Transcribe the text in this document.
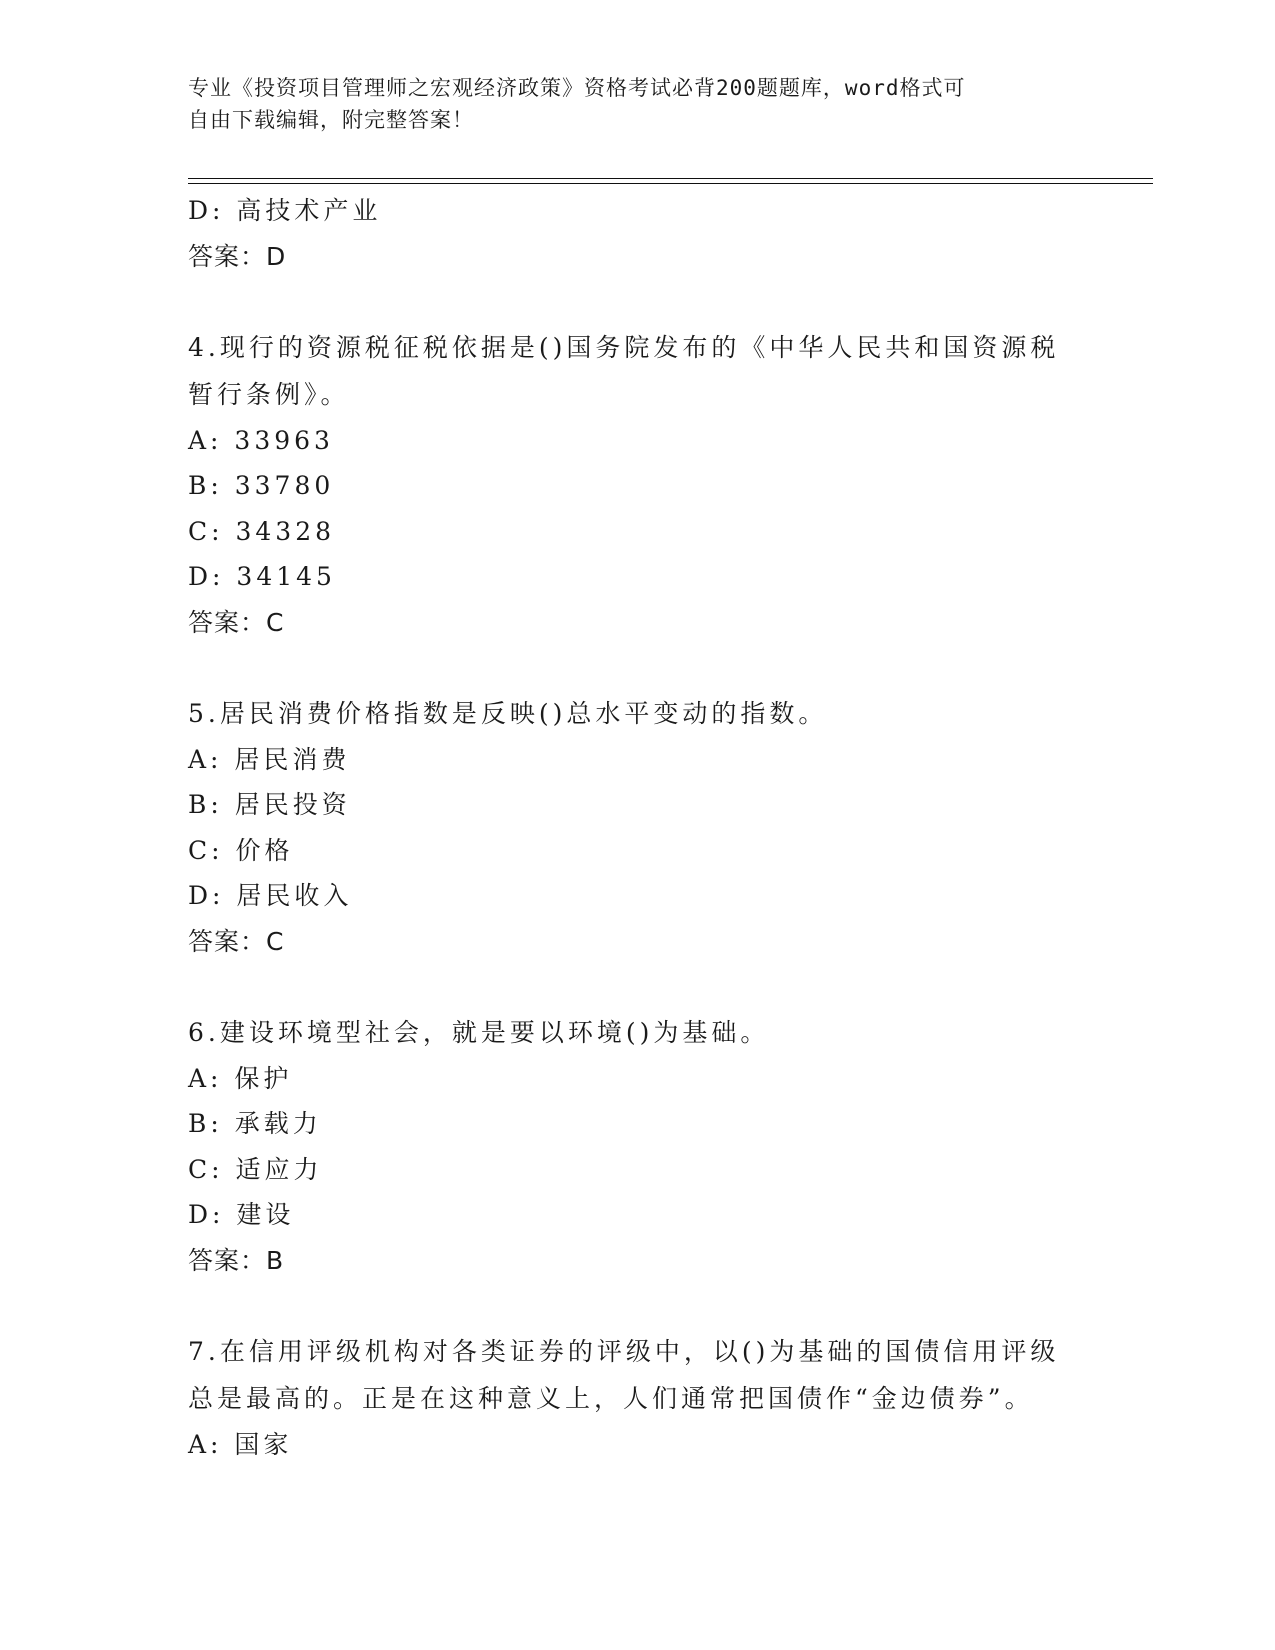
专业《投资项目管理师之宏观经济政策》资格考试必背200题题库，word格式可
自由下载编辑，附完整答案！
D: 高技术产业
答案：D
4.现行的资源税征税依据是()国务院发布的《中华人民共和国资源税
暂行条例》。
A: 33963
B: 33780
C: 34328
D: 34145
答案：C
5.居民消费价格指数是反映()总水平变动的指数。
A: 居民消费
B: 居民投资
C: 价格
D: 居民收入
答案：C
6.建设环境型社会，就是要以环境()为基础。
A: 保护
B: 承载力
C: 适应力
D: 建设
答案：B
7.在信用评级机构对各类证券的评级中，以()为基础的国债信用评级
总是最高的。正是在这种意义上，人们通常把国债作“金边债券”。
A: 国家
